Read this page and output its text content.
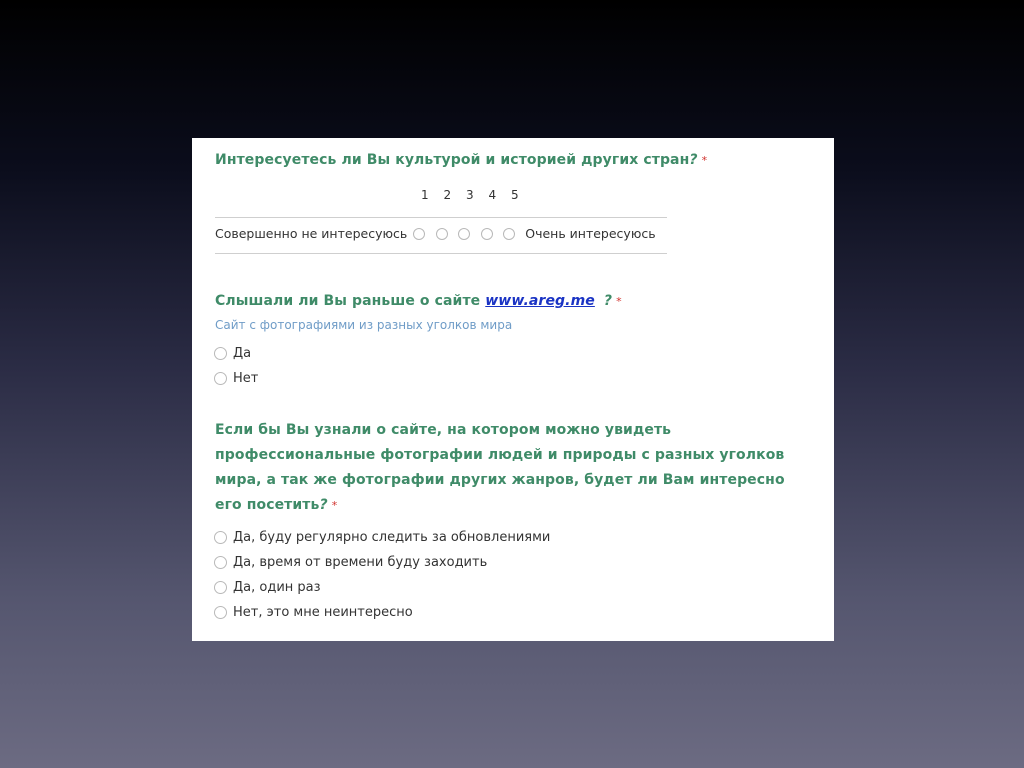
Интересуетесь ли Вы культурой и историей других стран? *
1 2 3 4 5
Совершенно не интересуюсь	Очень интересуюсь
Слышали ли Вы раньше о сайте www.areg.me ? *
Сайт с фотографиями из разных уголков мира
Да
Нет
Если бы Вы узнали о сайте, на котором можно увидеть профессиональные фотографии людей и природы с разных уголков мира, а так же фотографии других жанров, будет ли Вам интересно его посетить? *
Да, буду регулярно следить за обновлениями
Да, время от времени буду заходить
Да, один раз
Нет, это мне неинтересно
